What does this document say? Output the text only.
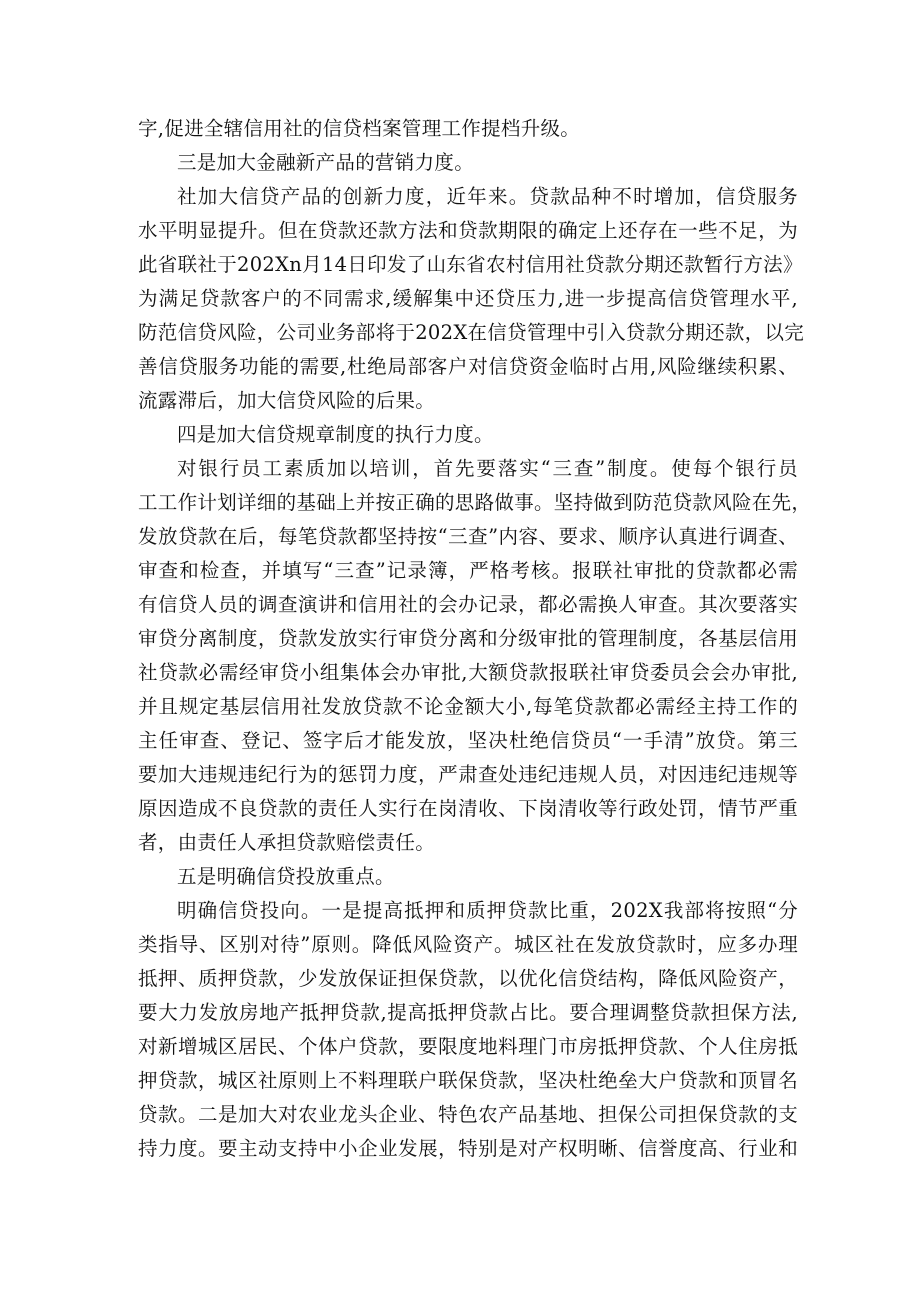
字,促进全辖信用社的信贷档案管理工作提档升级。
三是加大金融新产品的营销力度。
社加大信贷产品的创新力度，近年来。贷款品种不时增加，信贷服务
水平明显提升。但在贷款还款方法和贷款期限的确定上还存在一些不足，为
此省联社于202Xn月14日印发了山东省农村信用社贷款分期还款暂行方法》
为满足贷款客户的不同需求,缓解集中还贷压力,进一步提高信贷管理水平,
防范信贷风险，公司业务部将于202X在信贷管理中引入贷款分期还款，以完
善信贷服务功能的需要,杜绝局部客户对信贷资金临时占用,风险继续积累、
流露滞后，加大信贷风险的后果。
四是加大信贷规章制度的执行力度。
对银行员工素质加以培训，首先要落实“三查”制度。使每个银行员
工工作计划详细的基础上并按正确的思路做事。坚持做到防范贷款风险在先，
发放贷款在后，每笔贷款都坚持按“三查”内容、要求、顺序认真进行调查、
审查和检查，并填写“三查”记录簿，严格考核。报联社审批的贷款都必需
有信贷人员的调查演讲和信用社的会办记录，都必需换人审查。其次要落实
审贷分离制度，贷款发放实行审贷分离和分级审批的管理制度，各基层信用
社贷款必需经审贷小组集体会办审批,大额贷款报联社审贷委员会会办审批,
并且规定基层信用社发放贷款不论金额大小,每笔贷款都必需经主持工作的
主任审查、登记、签字后才能发放，坚决杜绝信贷员“一手清”放贷。第三
要加大违规违纪行为的惩罚力度，严肃查处违纪违规人员，对因违纪违规等
原因造成不良贷款的责任人实行在岗清收、下岗清收等行政处罚，情节严重
者，由责任人承担贷款赔偿责任。
五是明确信贷投放重点。
明确信贷投向。一是提高抵押和质押贷款比重，202X我部将按照“分
类指导、区别对待”原则。降低风险资产。城区社在发放贷款时，应多办理
抵押、质押贷款，少发放保证担保贷款，以优化信贷结构，降低风险资产，
要大力发放房地产抵押贷款,提高抵押贷款占比。要合理调整贷款担保方法,
对新增城区居民、个体户贷款，要限度地料理门市房抵押贷款、个人住房抵
押贷款，城区社原则上不料理联户联保贷款，坚决杜绝垒大户贷款和顶冒名
贷款。二是加大对农业龙头企业、特色农产品基地、担保公司担保贷款的支
持力度。要主动支持中小企业发展，特别是对产权明晰、信誉度高、行业和
